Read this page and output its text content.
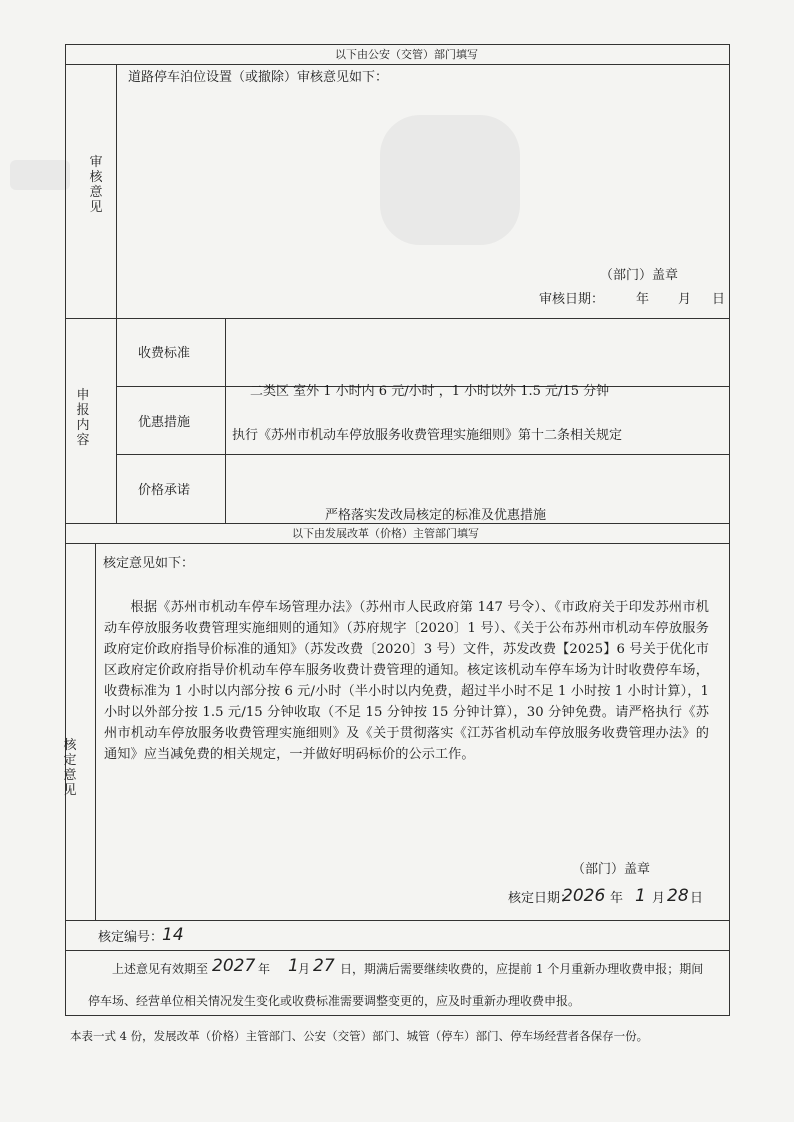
以下由公安（交管）部门填写
审核意见
道路停车泊位设置（或撤除）审核意见如下：
（部门）盖章
审核日期： 年 月 日
申报内容
收费标准
二类区 室外 1 小时内 6 元/小时 ，1 小时以外 1.5 元/15 分钟
优惠措施
执行《苏州市机动车停放服务收费管理实施细则》第十二条相关规定
价格承诺
严格落实发改局核定的标准及优惠措施
以下由发展改革（价格）主管部门填写
核定意见
核定意见如下：
根据《苏州市机动车停车场管理办法》（苏州市人民政府第 147 号令）、《市政府关于印发苏州市机动车停放服务收费管理实施细则的通知》（苏府规字〔2020〕1 号）、《关于公布苏州市机动车停放服务政府定价政府指导价标准的通知》（苏发改费〔2020〕3 号）文件，苏发改费【2025】6 号关于优化市区政府定价政府指导价机动车停车服务收费计费管理的通知。核定该机动车停车场为计时收费停车场，收费标准为 1 小时以内部分按 6 元/小时（半小时以内免费，超过半小时不足 1 小时按 1 小时计算），1 小时以外部分按 1.5 元/15 分钟收取（不足 15 分钟按 15 分钟计算），30 分钟免费。请严格执行《苏州市机动车停放服务收费管理实施细则》及《关于贯彻落实《江苏省机动车停放服务收费管理办法》的通知》应当减免费的相关规定，一并做好明码标价的公示工作。
（部门）盖章
核定日期：
2026 年 1 月 28 日
核定编号：
14
上述意见有效期至 2027 年 1 月 27 日，期满后需要继续收费的，应提前 1 个月重新办理收费申报；期间
停车场、经营单位相关情况发生变化或收费标准需要调整变更的，应及时重新办理收费申报。
本表一式 4 份，发展改革（价格）主管部门、公安（交管）部门、城管（停车）部门、停车场经营者各保存一份。
